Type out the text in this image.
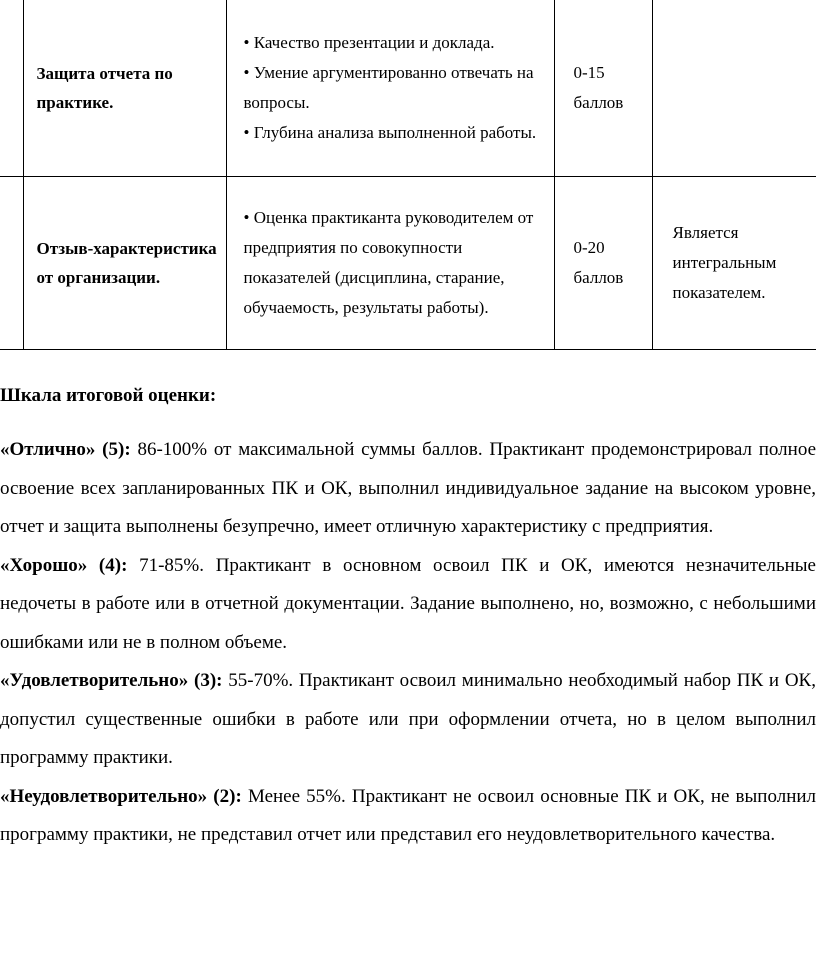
	Защита отчета по практике.	• Качество презентации и доклада.
• Умение аргументированно отвечать на вопросы.
• Глубина анализа выполненной работы.	0-15 баллов	

	Отзыв-характеристика от организации.	• Оценка практиканта руководителем от предприятия по совокупности показателей (дисциплина, старание, обучаемость, результаты работы).	0-20 баллов	Является интегральным показателем.
Шкала итоговой оценки:

«Отлично» (5): 86-100% от максимальной суммы баллов. Практикант продемонстрировал полное освоение всех запланированных ПК и ОК, выполнил индивидуальное задание на высоком уровне, отчет и защита выполнены безупречно, имеет отличную характеристику с предприятия.

«Хорошо» (4): 71-85%. Практикант в основном освоил ПК и ОК, имеются незначительные недочеты в работе или в отчетной документации. Задание выполнено, но, возможно, с небольшими ошибками или не в полном объеме.

«Удовлетворительно» (3): 55-70%. Практикант освоил минимально необходимый набор ПК и ОК, допустил существенные ошибки в работе или при оформлении отчета, но в целом выполнил программу практики.

«Неудовлетворительно» (2): Менее 55%. Практикант не освоил основные ПК и ОК, не выполнил программу практики, не представил отчет или представил его неудовлетворительного качества.
